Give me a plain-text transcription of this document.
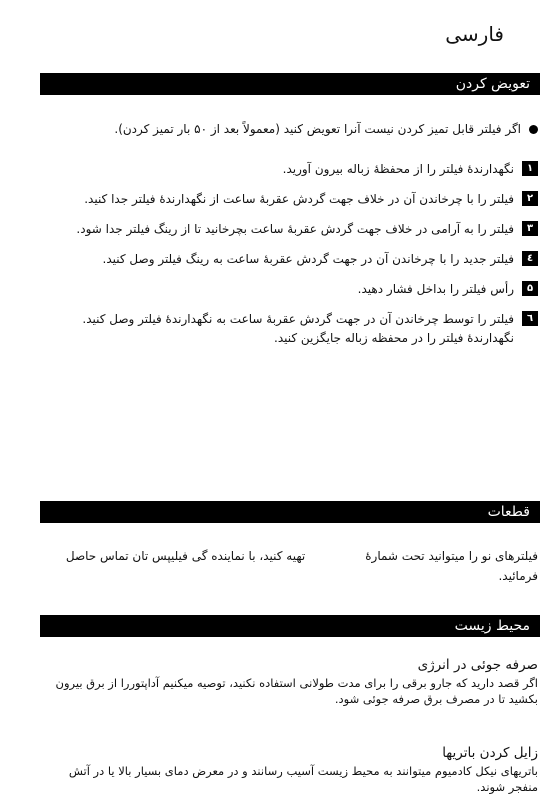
فارسی
تعویض کردن
اگر فیلتر قابل تمیز کردن نیست آنرا تعویض کنید (معمولاً بعد از ۵۰ بار تمیز کردن).
۱
نگهدارندهٔ فیلتر را از محفظهٔ زباله بیرون آورید.
۲
فیلتر را با چرخاندن آن در خلاف جهت گردش عقربهٔ ساعت از نگهدارندهٔ فیلتر جدا کنید.
۳
فیلتر را به آرامی در خلاف جهت گردش عقربهٔ ساعت بچرخانید تا از رینگ فیلتر جدا شود.
٤
فیلتر جدید را با چرخاندن آن در جهت گردش عقربهٔ ساعت به رینگ فیلتر وصل کنید.
۵
رأس فیلتر را بداخل فشار دهید.
٦
فیلتر را توسط چرخاندن آن در جهت گردش عقربهٔ ساعت به نگهدارندهٔ فیلتر وصل کنید. نگهدارندهٔ فیلتر را در محفظه زباله جایگزین کنید.
قطعات
فیلترهای نو را میتوانید تحت شمارهٔتهیه کنید، با نماینده گی فیلیپس تان تماس حاصل فرمائید.
محیط زیست
صرفه جوئی در انرژی
اگر قصد دارید که جارو برقی را برای مدت طولانی استفاده نکنید، توصیه میکنیم آداپتوررا از برق بیرون بکشید تا در مصرف برق صرفه جوئی شود.
زایل کردن باتریها
باتریهای نیکل کادمیوم میتوانند به محیط زیست آسیب رسانند و در معرض دمای بسیار بالا یا در آتش منفجر شوند.
